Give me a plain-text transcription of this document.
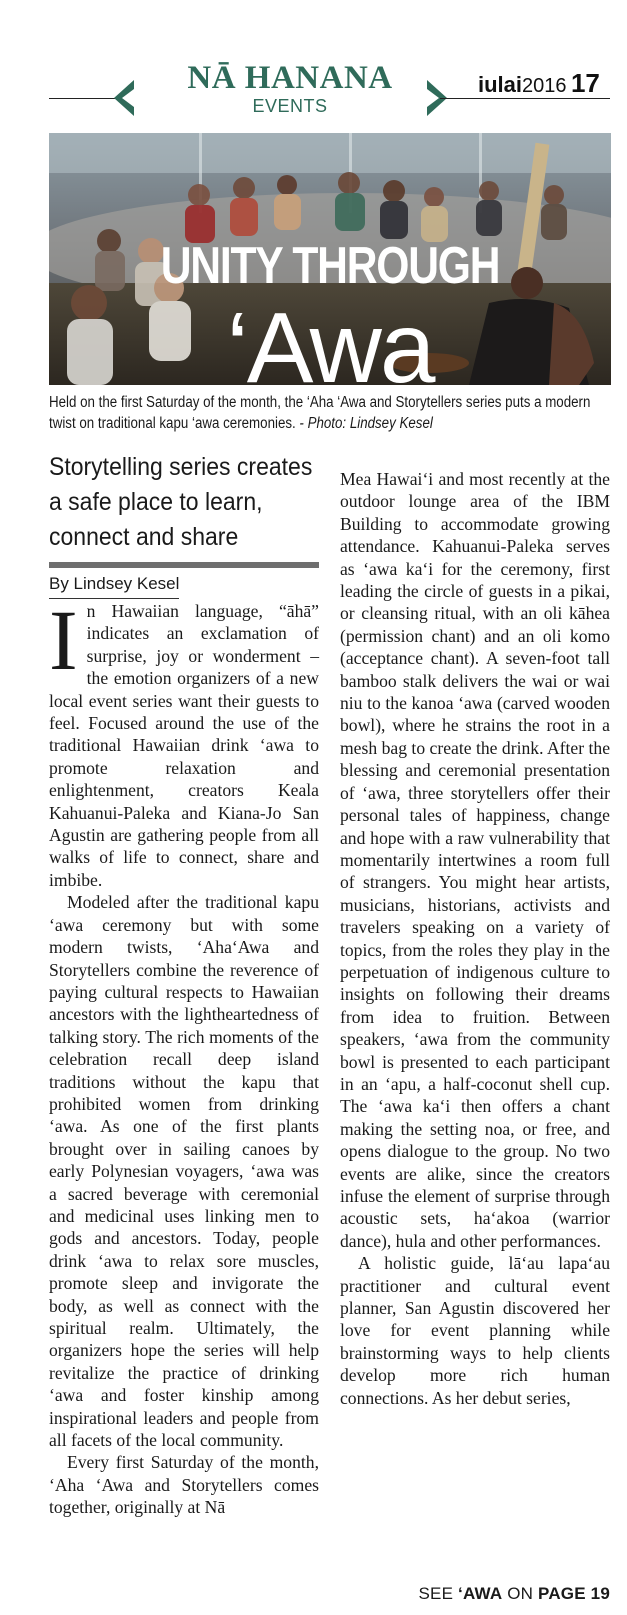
NĀ HANANA
EVENTS
iulai2016 17
UNITY THROUGH
‘Awa
Held on the first Saturday of the month, the ‘Aha ‘Awa and Storytellers series puts a modern twist on traditional kapu ‘awa ceremonies. - Photo: Lindsey Kesel
Storytelling series creates a safe place to learn, connect and share
By Lindsey Kesel

In Hawaiian language, “āhā” indicates an exclamation of surprise, joy or wonderment – the emotion organizers of a new local event series want their guests to feel. Focused around the use of the traditional Hawaiian drink ‘awa to promote relaxation and enlightenment, creators Keala Kahuanui-Paleka and Kiana-Jo San Agustin are gathering people from all walks of life to connect, share and imbibe.

Modeled after the traditional kapu ‘awa ceremony but with some modern twists, ‘Aha‘Awa and Storytellers combine the reverence of paying cultural respects to Hawaiian ancestors with the lightheartedness of talking story. The rich moments of the celebration recall deep island traditions without the kapu that prohibited women from drinking ‘awa. As one of the first plants brought over in sailing canoes by early Polynesian voyagers, ‘awa was a sacred beverage with ceremonial and medicinal uses linking men to gods and ancestors. Today, people drink ‘awa to relax sore muscles, promote sleep and invigorate the body, as well as connect with the spiritual realm. Ultimately, the organizers hope the series will help revitalize the practice of drinking ‘awa and foster kinship among inspirational leaders and people from all facets of the local community.

Every first Saturday of the month, ‘Aha ‘Awa and Storytellers comes together, originally at Nā

Mea Hawai‘i and most recently at the outdoor lounge area of the IBM Building to accommodate growing attendance. Kahuanui-Paleka serves as ‘awa ka‘i for the ceremony, first leading the circle of guests in a pikai, or cleansing ritual, with an oli kāhea (permission chant) and an oli komo (acceptance chant). A seven-foot tall bamboo stalk delivers the wai or wai niu to the kanoa ‘awa (carved wooden bowl), where he strains the root in a mesh bag to create the drink. After the blessing and ceremonial presentation of ‘awa, three storytellers offer their personal tales of happiness, change and hope with a raw vulnerability that momentarily intertwines a room full of strangers. You might hear artists, musicians, historians, activists and travelers speaking on a variety of topics, from the roles they play in the perpetuation of indigenous culture to insights on following their dreams from idea to fruition. Between speakers, ‘awa from the community bowl is presented to each participant in an ‘apu, a half-coconut shell cup. The ‘awa ka‘i then offers a chant making the setting noa, or free, and opens dialogue to the group. No two events are alike, since the creators infuse the element of surprise through acoustic sets, ha‘akoa (warrior dance), hula and other performances.

A holistic guide, lā‘au lapa‘au practitioner and cultural event planner, San Agustin discovered her love for event planning while brainstorming ways to help clients develop more rich human connections. As her debut series,

SEE ‘AWA ON PAGE 19
